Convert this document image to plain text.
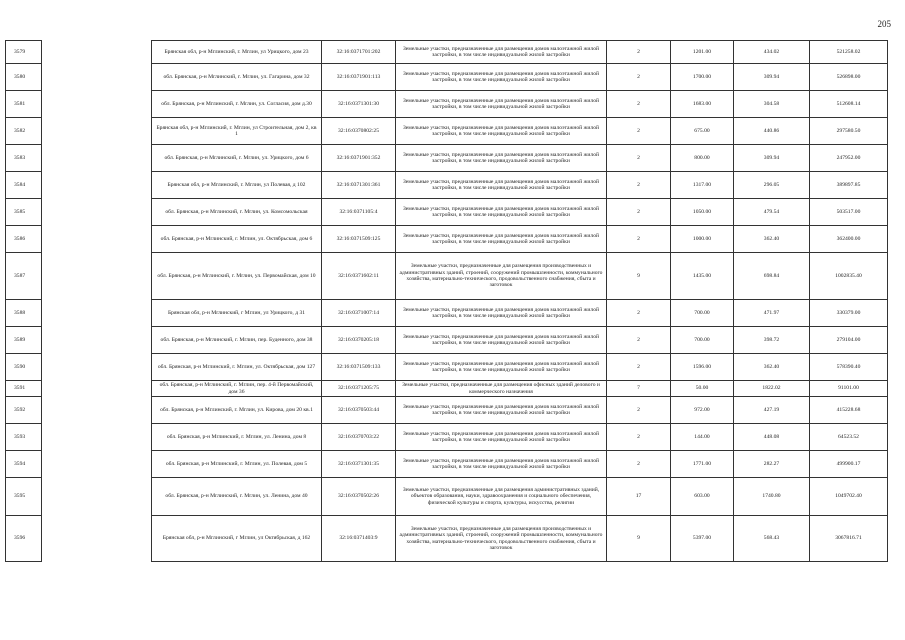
205
3579		Брянская обл, р-н Мглинский, г. Мглин, ул Урицкого, дом 23	32:16:0371701:202	Земельные участки, предназначенные для размещения домов малоэтажной жилой застройки, в том числе индивидуальной жилой застройки	2	1201.00	434.02	521258.02
3580		обл. Брянская, р-н Мглинский, г. Мглин, ул. Гагарина, дом 32	32:16:0371901:113	Земельные участки, предназначенные для размещения домов малоэтажной жилой застройки, в том числе индивидуальной жилой застройки	2	1700.00	309.94	526898.00
3581		обл. Брянская, р-н Мглинский, г. Мглин, ул. Согласия, дом д.30	32:16:0371301:30	Земельные участки, предназначенные для размещения домов малоэтажной жилой застройки, в том числе индивидуальной жилой застройки	2	1683.00	304.58	512608.14
3582		Брянская обл, р-н Мглинский, г. Мглин, ул Строительная, дом 2, кв 1	32:16:0370802:25	Земельные участки, предназначенные для размещения домов малоэтажной жилой застройки, в том числе индивидуальной жилой застройки	2	675.00	440.86	297580.50
3583		обл. Брянская, р-н Мглинский, г. Мглин, ул. Урицкого, дом 6	32:16:0371901:352	Земельные участки, предназначенные для размещения домов малоэтажной жилой застройки, в том числе индивидуальной жилой застройки	2	800.00	309.94	247952.00
3584		Брянская обл, р-н Мглинский, г. Мглин, ул Полевая, д 102	32:16:0371301:361	Земельные участки, предназначенные для размещения домов малоэтажной жилой застройки, в том числе индивидуальной жилой застройки	2	1317.00	296.05	389897.85
3585		обл. Брянская, р-н Мглинский, г. Мглин, ул. Комсомольская	32:16:0371105:4	Земельные участки, предназначенные для размещения домов малоэтажной жилой застройки, в том числе индивидуальной жилой застройки	2	1050.00	479.54	503517.00
3586		обл. Брянская, р-н Мглинский, г. Мглин, ул. Октябрьская, дом 6	32:16:0371509:125	Земельные участки, предназначенные для размещения домов малоэтажной жилой застройки, в том числе индивидуальной жилой застройки	2	1000.00	362.40	362400.00
3587		обл. Брянская, р-н Мглинский, г. Мглин, ул. Первомайская, дом 10	32:16:0371602:11	Земельные участки, предназначенные для размещения производственных и административных зданий, строений, сооружений промышленности, коммунального хозяйства, материально-технического, продовольственного снабжения, сбыта и заготовок	9	1435.00	698.84	1002835.40
3588		Брянская обл, р-н Мглинский, г Мглин, ул Урицкого, д 31	32:16:0371007:14	Земельные участки, предназначенные для размещения домов малоэтажной жилой застройки, в том числе индивидуальной жилой застройки	2	700.00	471.97	330379.00
3589		обл. Брянская, р-н Мглинский, г. Мглин, пер. Буденного, дом 38	32:16:0370205:18	Земельные участки, предназначенные для размещения домов малоэтажной жилой застройки, в том числе индивидуальной жилой застройки	2	700.00	398.72	279104.00
3590		обл. Брянская, р-н Мглинский, г. Мглин, ул. Октябрьская, дом 127	32:16:0371509:133	Земельные участки, предназначенные для размещения домов малоэтажной жилой застройки, в том числе индивидуальной жилой застройки	2	1596.00	362.40	578390.40
3591		обл. Брянская, р-н Мглинский, г. Мглин, пер. 4-й Первомайский, дом 36	32:16:0371205:75	Земельные участки, предназначенные для размещения офисных зданий делового и коммерческого назначения	7	50.00	1822.02	91101.00
3592		обл. Брянская, р-н Мглинский, г. Мглин, ул. Кирова, дом 20 кв.1	32:16:0370503:44	Земельные участки, предназначенные для размещения домов малоэтажной жилой застройки, в том числе индивидуальной жилой застройки	2	972.00	427.19	415228.68
3593		обл. Брянская, р-н Мглинский, г. Мглин, ул. Ленина, дом 8	32:16:0370703:22	Земельные участки, предназначенные для размещения домов малоэтажной жилой застройки, в том числе индивидуальной жилой застройки	2	144.00	448.08	64523.52
3594		обл. Брянская, р-н Мглинский, г. Мглин, ул. Полевая, дом 5	32:16:0371301:35	Земельные участки, предназначенные для размещения домов малоэтажной жилой застройки, в том числе индивидуальной жилой застройки	2	1771.00	282.27	499900.17
3595		обл. Брянская, р-н Мглинский, г. Мглин, ул. Ленина, дом 40	32:16:0370502:26	Земельные участки, предназначенные для размещения административных зданий, объектов образования, науки, здравоохранения и социального обеспечения, физической культуры и спорта, культуры, искусства, религии	17	603.00	1740.80	1049702.40
3596		Брянская обл, р-н Мглинский, г Мглин, ул Октябрьская, д 162	32:16:0371403:9	Земельные участки, предназначенные для размещения производственных и административных зданий, строений, сооружений промышленности, коммунального хозяйства, материально-технического, продовольственного снабжения, сбыта и заготовок	9	5397.00	568.43	3067816.71
